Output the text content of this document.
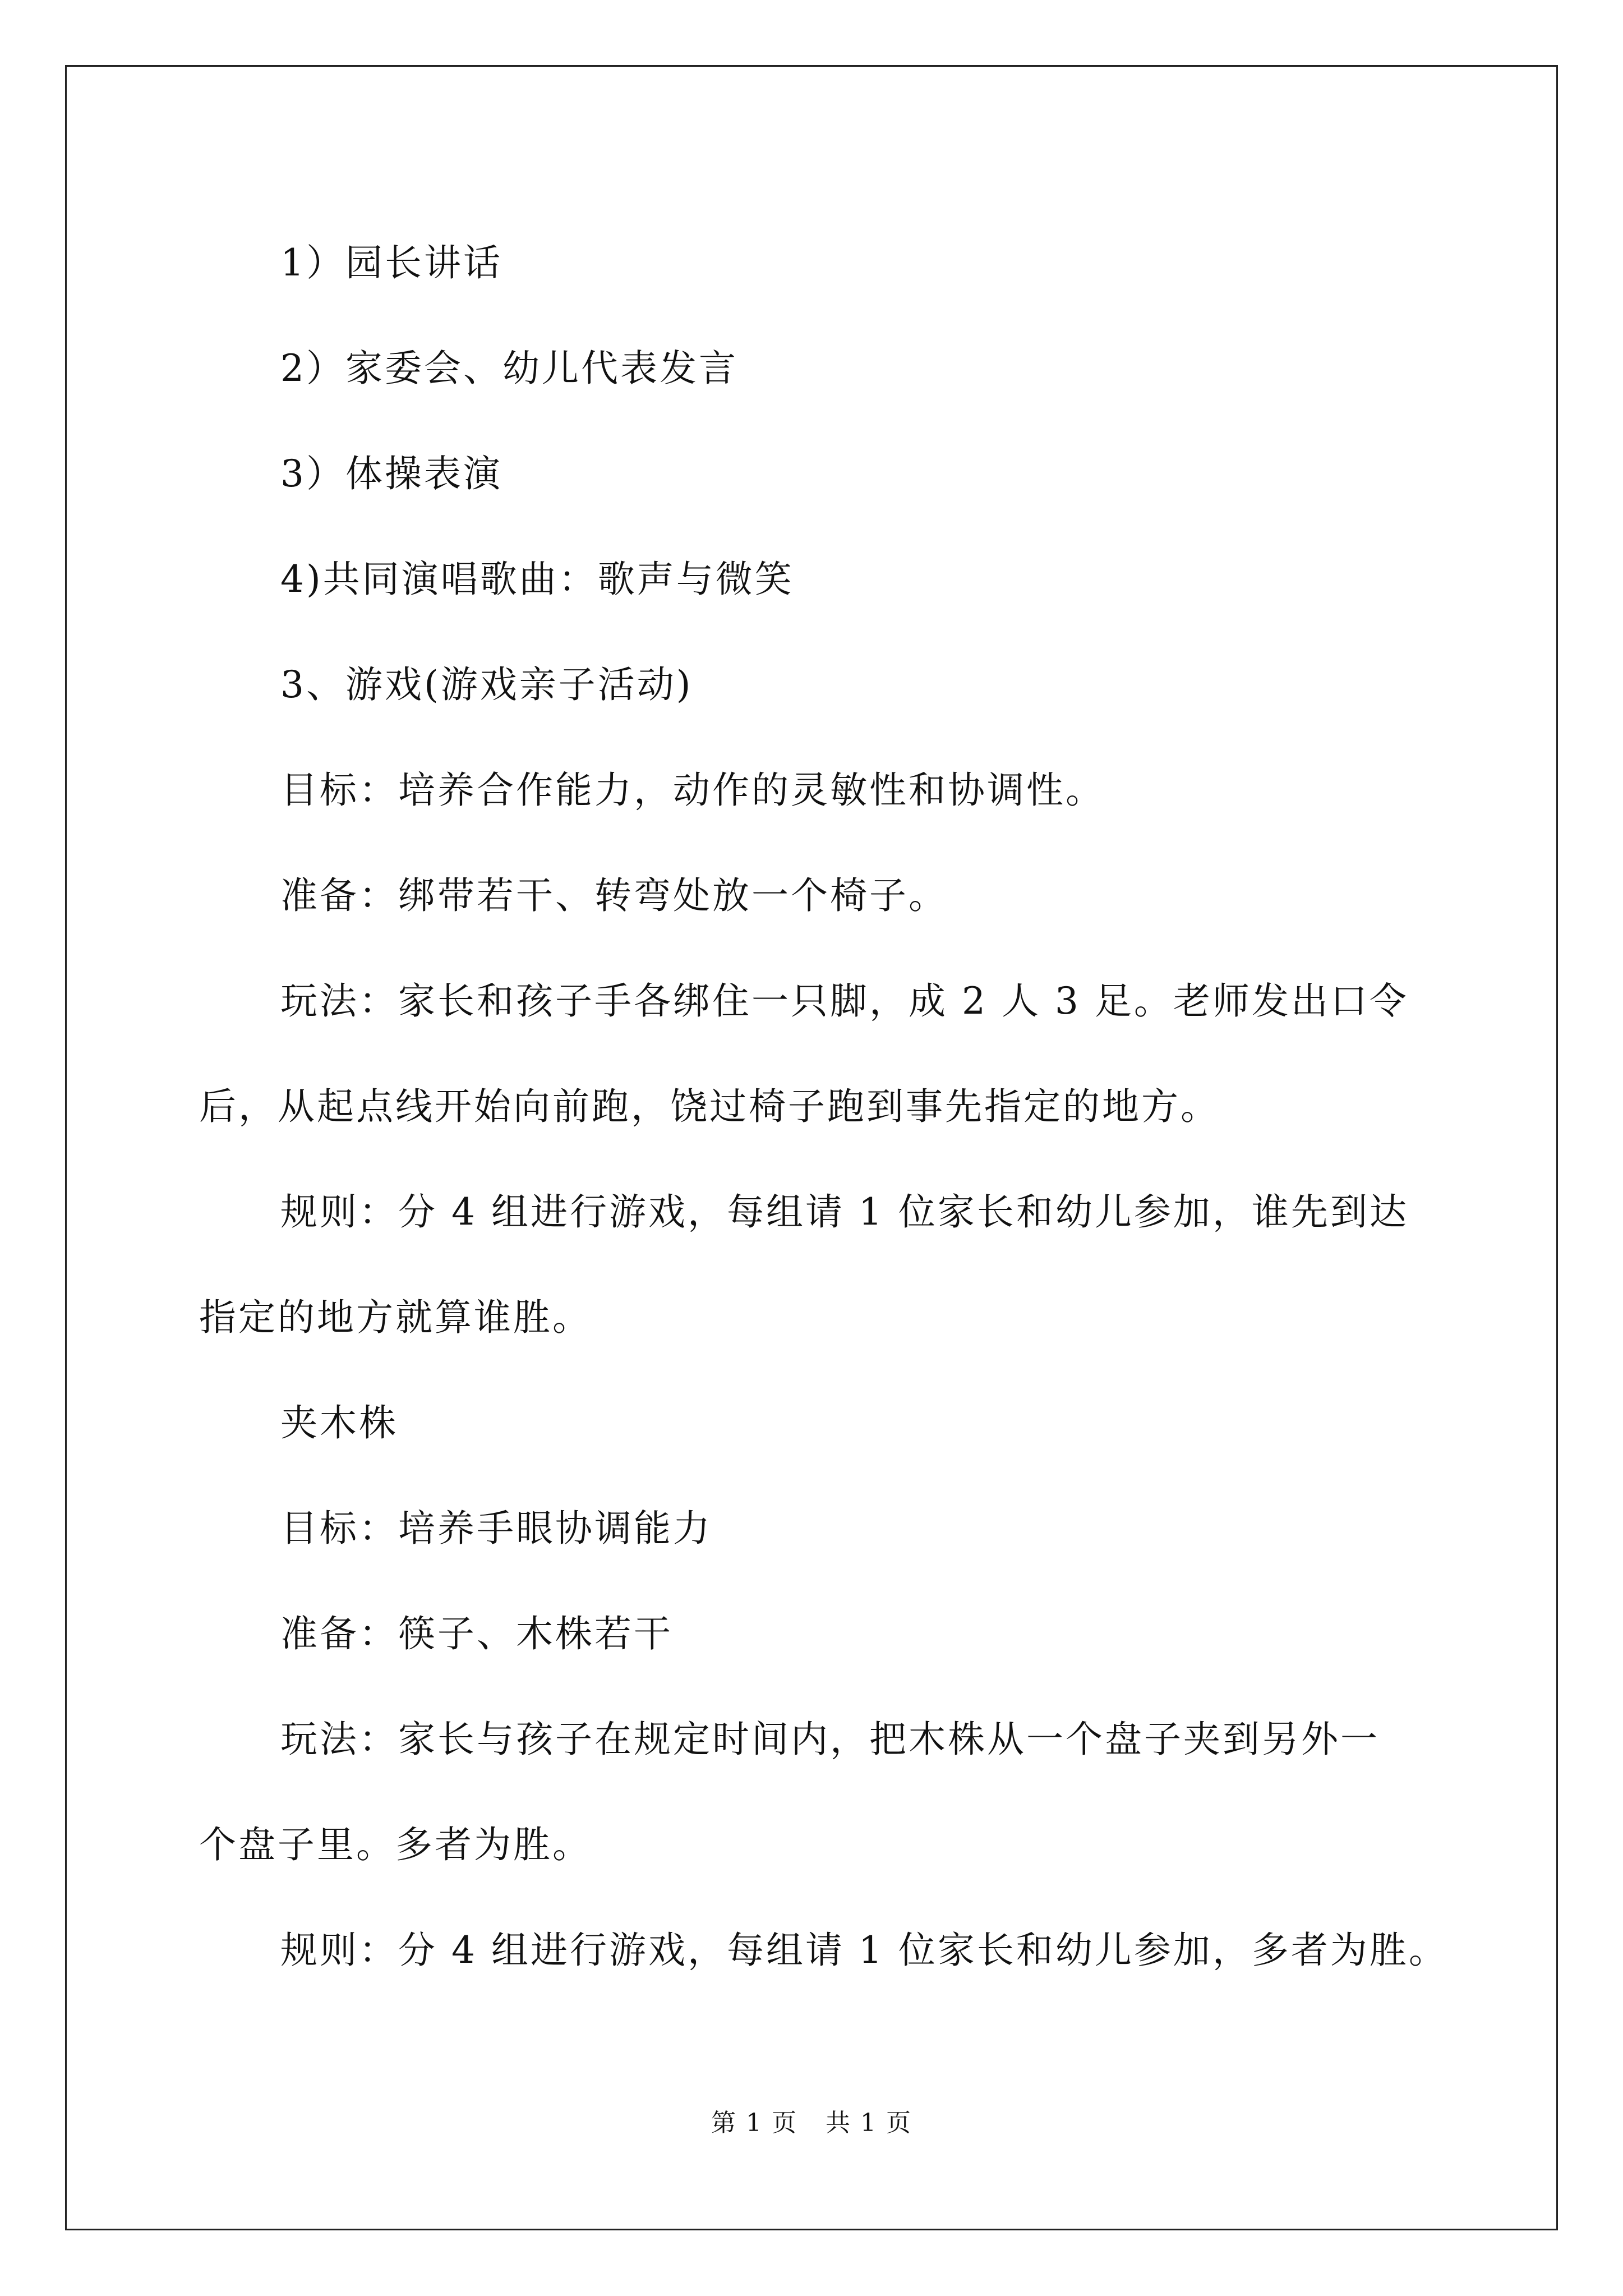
1）园长讲话

2）家委会、幼儿代表发言

3）体操表演

4)共同演唱歌曲：歌声与微笑

3、游戏(游戏亲子活动)

目标：培养合作能力，动作的灵敏性和协调性。

准备：绑带若干、转弯处放一个椅子。

玩法：家长和孩子手各绑住一只脚，成 2 人 3 足。老师发出口令

后，从起点线开始向前跑，饶过椅子跑到事先指定的地方。

规则：分 4 组进行游戏，每组请 1 位家长和幼儿参加，谁先到达

指定的地方就算谁胜。

夹木株

目标：培养手眼协调能力

准备：筷子、木株若干

玩法：家长与孩子在规定时间内，把木株从一个盘子夹到另外一

个盘子里。多者为胜。

规则：分 4 组进行游戏，每组请 1 位家长和幼儿参加，多者为胜。

第 1 页 共 1 页
